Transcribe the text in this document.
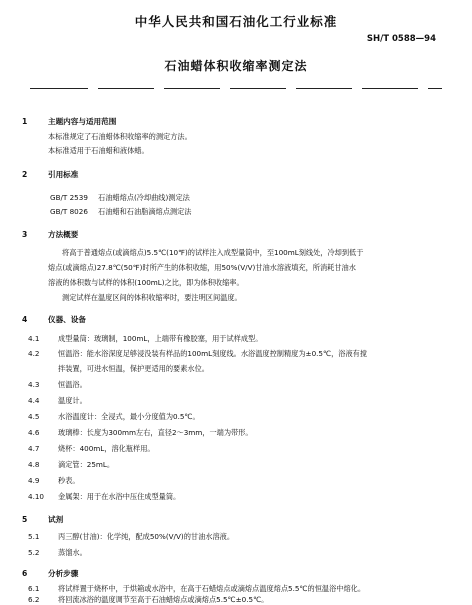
中华人民共和国石油化工行业标准
SH/T 0588—94
石油蜡体积收缩率测定法
1	主题内容与适用范围
本标准规定了石油蜡体积收缩率的测定方法。
本标准适用于石油蜡和液体蜡。
2	引用标准
GB/T 2539 石油蜡熔点(冷却曲线)测定法
GB/T 8026 石油蜡和石油脂滴熔点测定法
3	方法概要
将高于普通熔点(或滴熔点)5.5℃(10℉)的试样注入成型量筒中，至100mL刻线处，冷却到低于
熔点(或滴熔点)27.8℃(50℉)时所产生的体积收缩，用50%(V/V)甘油水溶液填充，所消耗甘油水
溶液的体积数与试样的体积(100mL)之比，即为体积收缩率。
测定试样在温度区间的体积收缩率时，要注明区间温度。
4	仪器、设备
4.1	成型量筒：玻璃制，100mL，上端带有橡胶塞，用于试样成型。
4.2	恒温浴：能水浴深度足够浸没装有样品的100mL刻度线。水浴温度控制精度为±0.5℃，浴液有搅
拌装置，可进水恒温，保护更适用的要素水位。
4.3	恒温浴。
4.4	温度计。
4.5	水浴温度计：全浸式，最小分度值为0.5℃。
4.6	玻璃棒：长度为300mm左右，直径2～3mm，一端为带形。
4.7	烧杯：400mL，溶化瓶样用。
4.8	滴定管：25mL。
4.9	秒表。
4.10 金属架：用于在水浴中压住成型量筒。
5	试剂
5.1	丙三醇(甘油)：化学纯，配成50%(V/V)的甘油水溶液。
5.2	蒸馏水。
6	分析步骤
6.1	将试样置于烧杯中，于烘箱或水浴中，在高于石蜡熔点或滴熔点温度熔点5.5℃的恒温浴中熔化。
6.2	将回流冰浴的温度调节至高于石油蜡熔点或滴熔点5.5℃±0.5℃。
